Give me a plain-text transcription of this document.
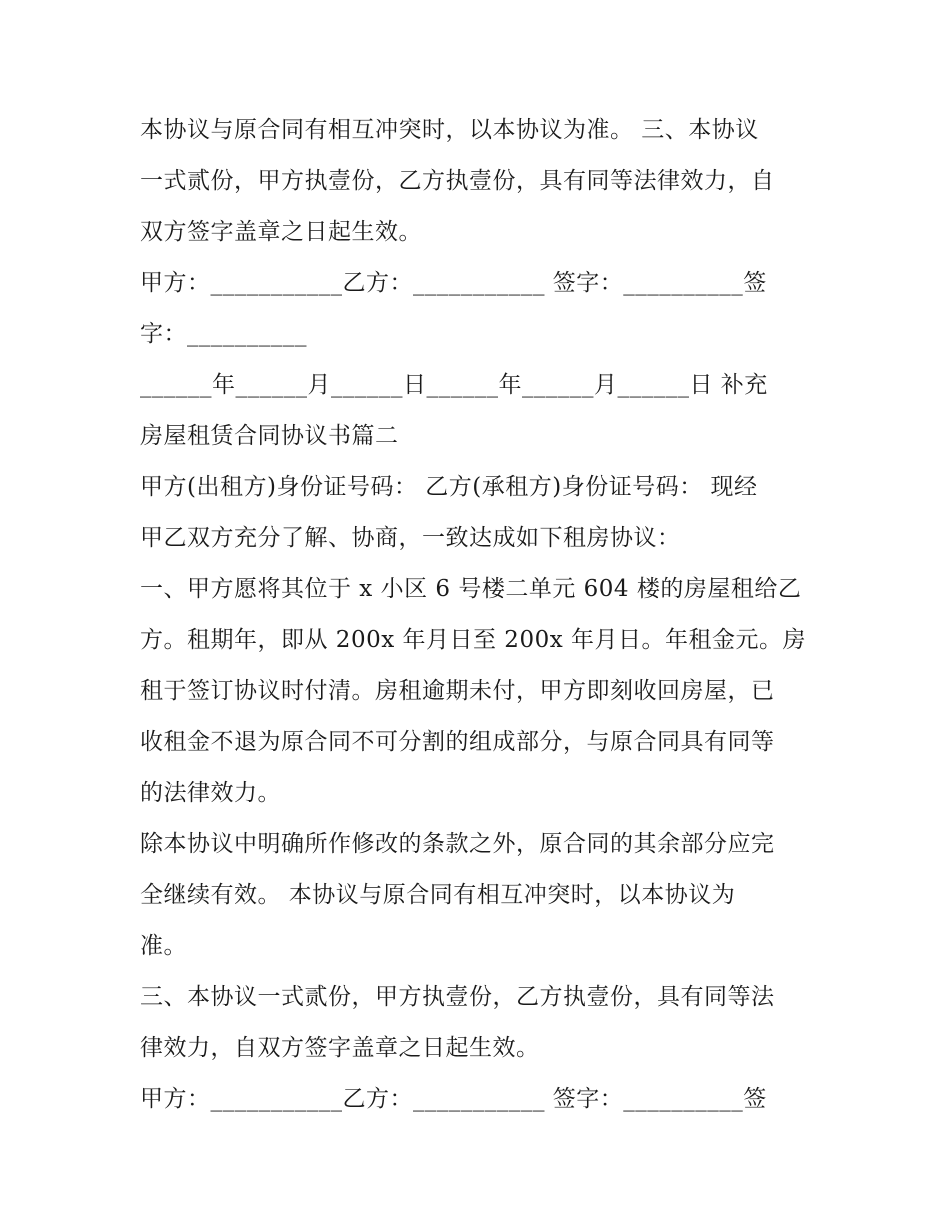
本协议与原合同有相互冲突时，以本协议为准。 三、本协议
一式贰份，甲方执壹份，乙方执壹份，具有同等法律效力，自
双方签字盖章之日起生效。
甲方：___________乙方：___________ 签字：__________签
字：__________
______年______月______日______年______月______日 补充
房屋租赁合同协议书篇二
甲方(出租方)身份证号码： 乙方(承租方)身份证号码： 现经
甲乙双方充分了解、协商，一致达成如下租房协议：
一、甲方愿将其位于 x 小区 6 号楼二单元 604 楼的房屋租给乙
方。租期年，即从 200x 年月日至 200x 年月日。年租金元。房
租于签订协议时付清。房租逾期未付，甲方即刻收回房屋，已
收租金不退为原合同不可分割的组成部分，与原合同具有同等
的法律效力。
除本协议中明确所作修改的条款之外，原合同的其余部分应完
全继续有效。 本协议与原合同有相互冲突时，以本协议为
准。
三、本协议一式贰份，甲方执壹份，乙方执壹份，具有同等法
律效力，自双方签字盖章之日起生效。
甲方：___________乙方：___________ 签字：__________签
